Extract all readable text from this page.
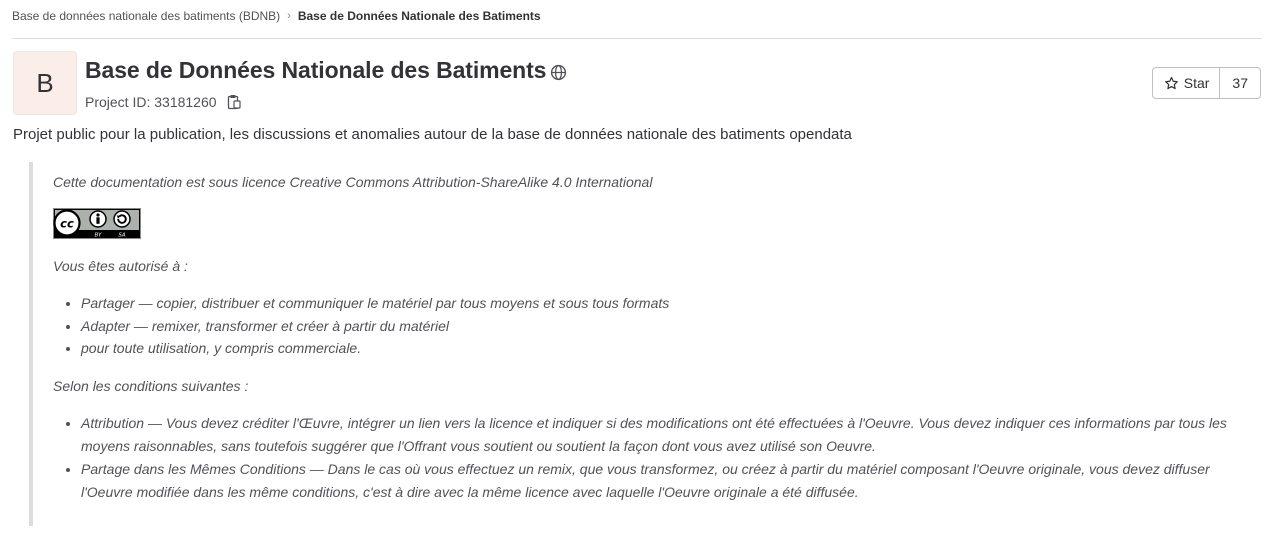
Base de données nationale des batiments (BDNB) › Base de Données Nationale des Batiments
B Base de Données Nationale des Batiments
Project ID: 33181260
Star	37

Projet public pour la publication, les discussions et anomalies autour de la base de données nationale des batiments opendata

Cette documentation est sous licence Creative Commons Attribution-ShareAlike 4.0 International

cc
BY	SA

Vous êtes autorisé à :

• Partager — copier, distribuer et communiquer le matériel par tous moyens et sous tous formats
• Adapter — remixer, transformer et créer à partir du matériel
• pour toute utilisation, y compris commerciale.

Selon les conditions suivantes :

• Attribution — Vous devez créditer l'Œuvre, intégrer un lien vers la licence et indiquer si des modifications ont été effectuées à l'Oeuvre. Vous devez indiquer ces informations par tous les moyens raisonnables, sans toutefois suggérer que l'Offrant vous soutient ou soutient la façon dont vous avez utilisé son Oeuvre.
• Partage dans les Mêmes Conditions — Dans le cas où vous effectuez un remix, que vous transformez, ou créez à partir du matériel composant l'Oeuvre originale, vous devez diffuser l'Oeuvre modifiée dans les même conditions, c'est à dire avec la même licence avec laquelle l'Oeuvre originale a été diffusée.
